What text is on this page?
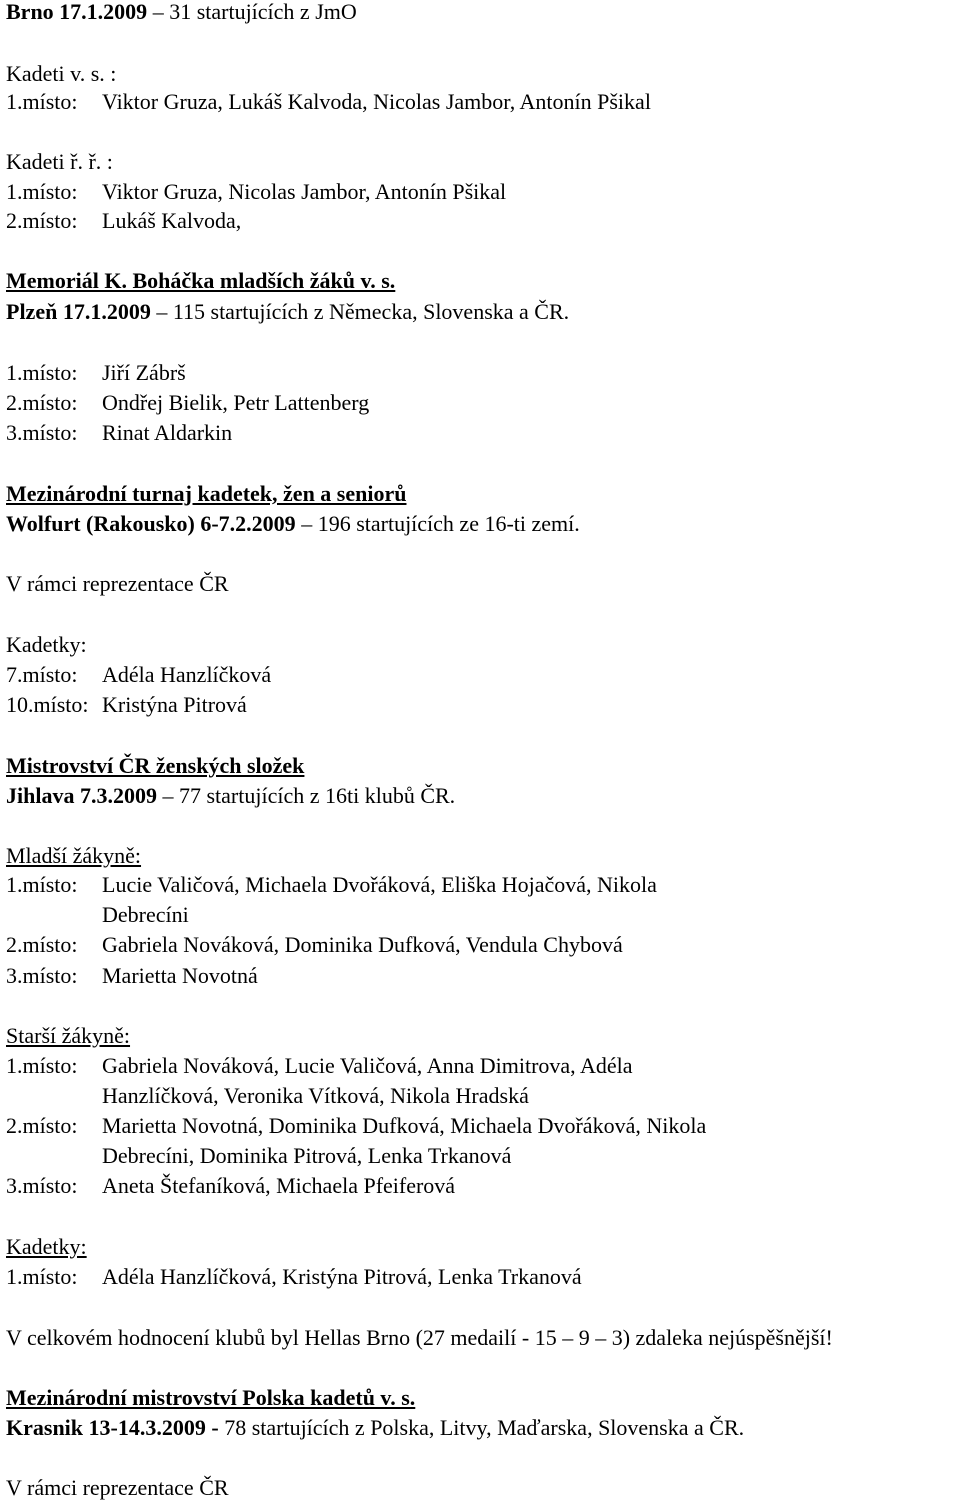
Brno 17.1.2009 – 31 startujících z JmO
Kadeti v. s. :
1.místo: Viktor Gruza, Lukáš Kalvoda, Nicolas Jambor, Antonín Pšikal
Kadeti ř. ř. :
1.místo: Viktor Gruza, Nicolas Jambor, Antonín Pšikal
2.místo: Lukáš Kalvoda,
Memoriál K. Boháčka mladších žáků v. s.
Plzeň 17.1.2009 – 115 startujících z Německa, Slovenska a ČR.
1.místo: Jiří Zábrš
2.místo: Ondřej Bielik, Petr Lattenberg
3.místo: Rinat Aldarkin
Mezinárodní turnaj kadetek, žen a seniorů
Wolfurt (Rakousko) 6-7.2.2009 – 196 startujících ze 16-ti zemí.
V rámci reprezentace ČR
Kadetky:
7.místo: Adéla Hanzlíčková
10.místo: Kristýna Pitrová
Mistrovství ČR ženských složek
Jihlava 7.3.2009 – 77 startujících z 16ti klubů ČR.
Mladší žákyně:
1.místo: Lucie Valičová, Michaela Dvořáková, Eliška Hojačová, Nikola
Debrecíni
2.místo: Gabriela Nováková, Dominika Dufková, Vendula Chybová
3.místo: Marietta Novotná
Starší žákyně:
1.místo: Gabriela Nováková, Lucie Valičová, Anna Dimitrova, Adéla
Hanzlíčková, Veronika Vítková, Nikola Hradská
2.místo: Marietta Novotná, Dominika Dufková, Michaela Dvořáková, Nikola
Debrecíni, Dominika Pitrová, Lenka Trkanová
3.místo: Aneta Štefaníková, Michaela Pfeiferová
Kadetky:
1.místo: Adéla Hanzlíčková, Kristýna Pitrová, Lenka Trkanová
V celkovém hodnocení klubů byl Hellas Brno (27 medailí - 15 – 9 – 3) zdaleka nejúspěšnější!
Mezinárodní mistrovství Polska kadetů v. s.
Krasnik 13-14.3.2009 - 78 startujících z Polska, Litvy, Maďarska, Slovenska a ČR.
V rámci reprezentace ČR
